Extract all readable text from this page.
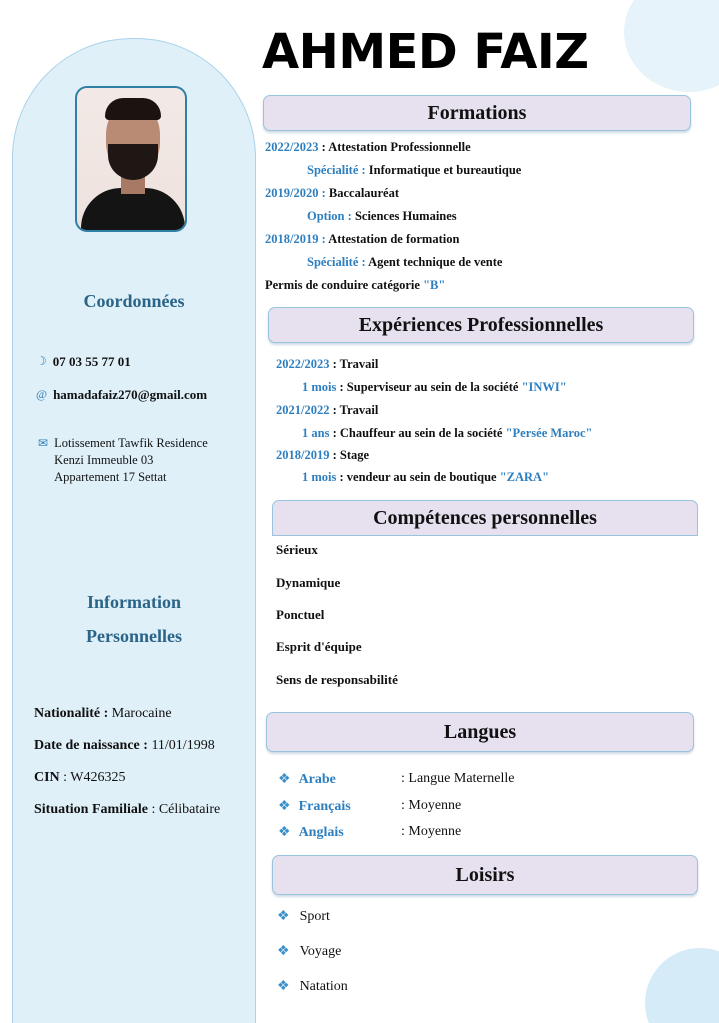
Coordonnées
☽ 07 03 55 77 01
@ hamadafaiz270@gmail.com
✉ Lotissement Tawfik Residence
Kenzi Immeuble 03
Appartement 17 Settat
Information
Personnelles
Nationalité : Marocaine
Date de naissance : 11/01/1998
CIN : W426325
Situation Familiale : Célibataire
AHMED FAIZ
Formations
2022/2023 : Attestation Professionnelle
Spécialité : Informatique et bureautique
2019/2020 : Baccalauréat
Option : Sciences Humaines
2018/2019 : Attestation de formation
Spécialité : Agent technique de vente
Permis de conduire catégorie "B"
Expériences Professionnelles
2022/2023 : Travail
1 mois : Superviseur au sein de la société "INWI"
2021/2022 : Travail
1 ans : Chauffeur au sein de la société "Persée Maroc"
2018/2019 : Stage
1 mois : vendeur au sein de boutique "ZARA"
Compétences personnelles
Sérieux
Dynamique
Ponctuel
Esprit d'équipe
Sens de responsabilité
Langues
❖ Arabe	: Langue Maternelle
❖ Français	: Moyenne
❖ Anglais	: Moyenne
Loisirs
❖ Sport
❖ Voyage
❖ Natation
